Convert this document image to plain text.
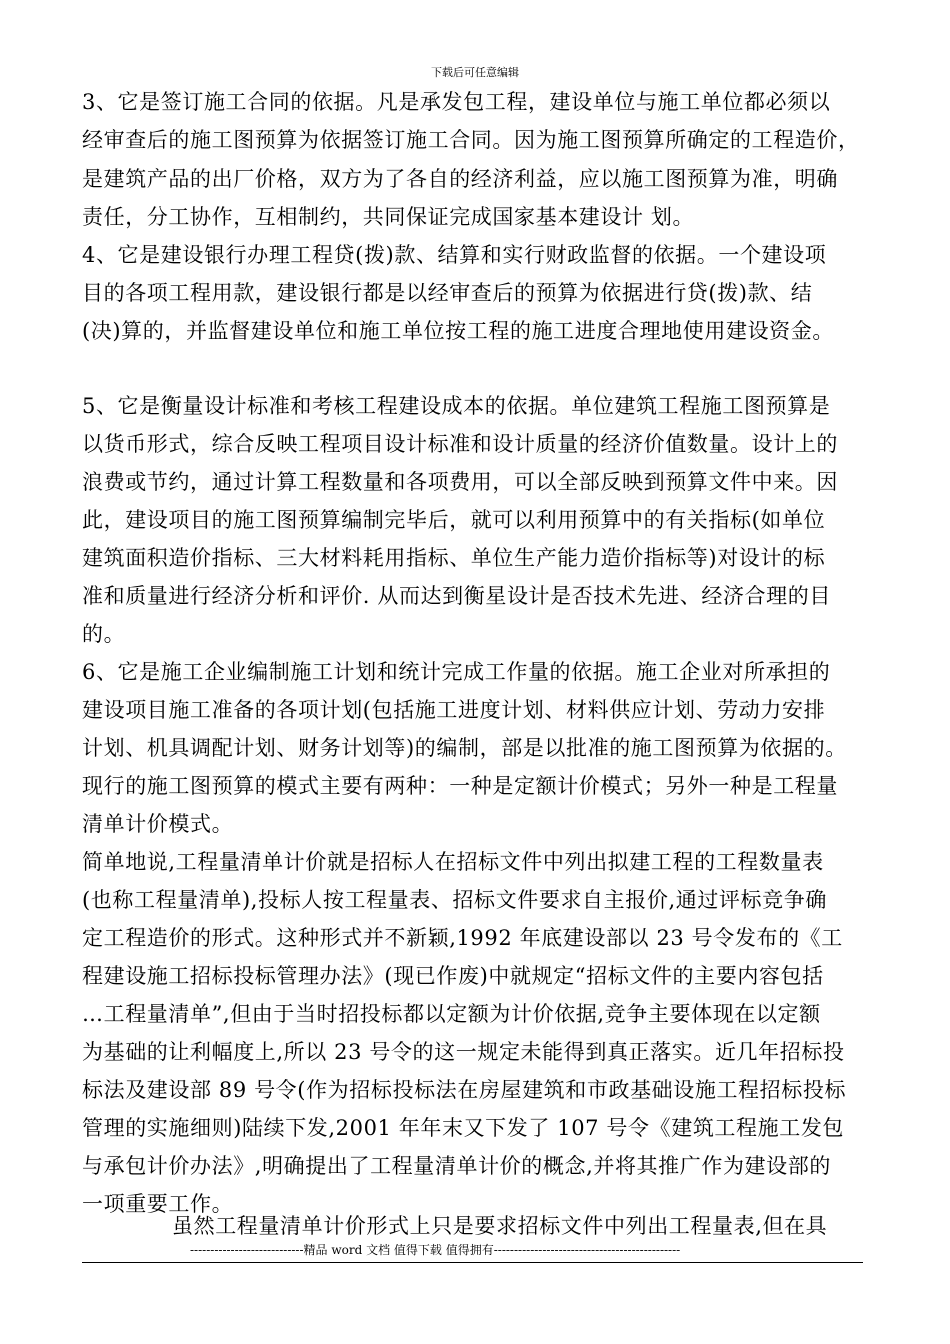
下载后可任意编辑
3、它是签订施工合同的依据。凡是承发包工程，建设单位与施工单位都必须以
经审查后的施工图预算为依据签订施工合同。因为施工图预算所确定的工程造价，
是建筑产品的出厂价格，双方为了各自的经济利益，应以施工图预算为准，明确
责任，分工协作，互相制约，共同保证完成国家基本建设计 划。
4、它是建设银行办理工程贷(拨)款、结算和实行财政监督的依据。一个建设项
目的各项工程用款，建设银行都是以经审查后的预算为依据进行贷(拨)款、结
(决)算的，并监督建设单位和施工单位按工程的施工进度合理地使用建设资金。
5、它是衡量设计标准和考核工程建设成本的依据。单位建筑工程施工图预算是
以货币形式，综合反映工程项目设计标准和设计质量的经济价值数量。设计上的
浪费或节约，通过计算工程数量和各项费用，可以全部反映到预算文件中来。因
此，建设项目的施工图预算编制完毕后，就可以利用预算中的有关指标(如单位
建筑面积造价指标、三大材料耗用指标、单位生产能力造价指标等)对设计的标
准和质量进行经济分析和评价. 从而达到衡星设计是否技术先进、经济合理的目
的。
6、它是施工企业编制施工计划和统计完成工作量的依据。施工企业对所承担的
建设项目施工准备的各项计划(包括施工进度计划、材料供应计划、劳动力安排
计划、机具调配计划、财务计划等)的编制，部是以批准的施工图预算为依据的。
现行的施工图预算的模式主要有两种：一种是定额计价模式；另外一种是工程量
清单计价模式。
简单地说,工程量清单计价就是招标人在招标文件中列出拟建工程的工程数量表
(也称工程量清单),投标人按工程量表、招标文件要求自主报价,通过评标竞争确
定工程造价的形式。这种形式并不新颖,1992 年底建设部以 23 号令发布的《工
程建设施工招标投标管理办法》(现已作废)中就规定“招标文件的主要内容包括
…工程量清单”,但由于当时招投标都以定额为计价依据,竞争主要体现在以定额
为基础的让利幅度上,所以 23 号令的这一规定未能得到真正落实。近几年招标投
标法及建设部 89 号令(作为招标投标法在房屋建筑和市政基础设施工程招标投标
管理的实施细则)陆续下发,2001 年年末又下发了 107 号令《建筑工程施工发包
与承包计价办法》,明确提出了工程量清单计价的概念,并将其推广作为建设部的
一项重要工作。
虽然工程量清单计价形式上只是要求招标文件中列出工程量表,但在具
----------------------------精品 word 文档 值得下载 值得拥有----------------------------------------------
